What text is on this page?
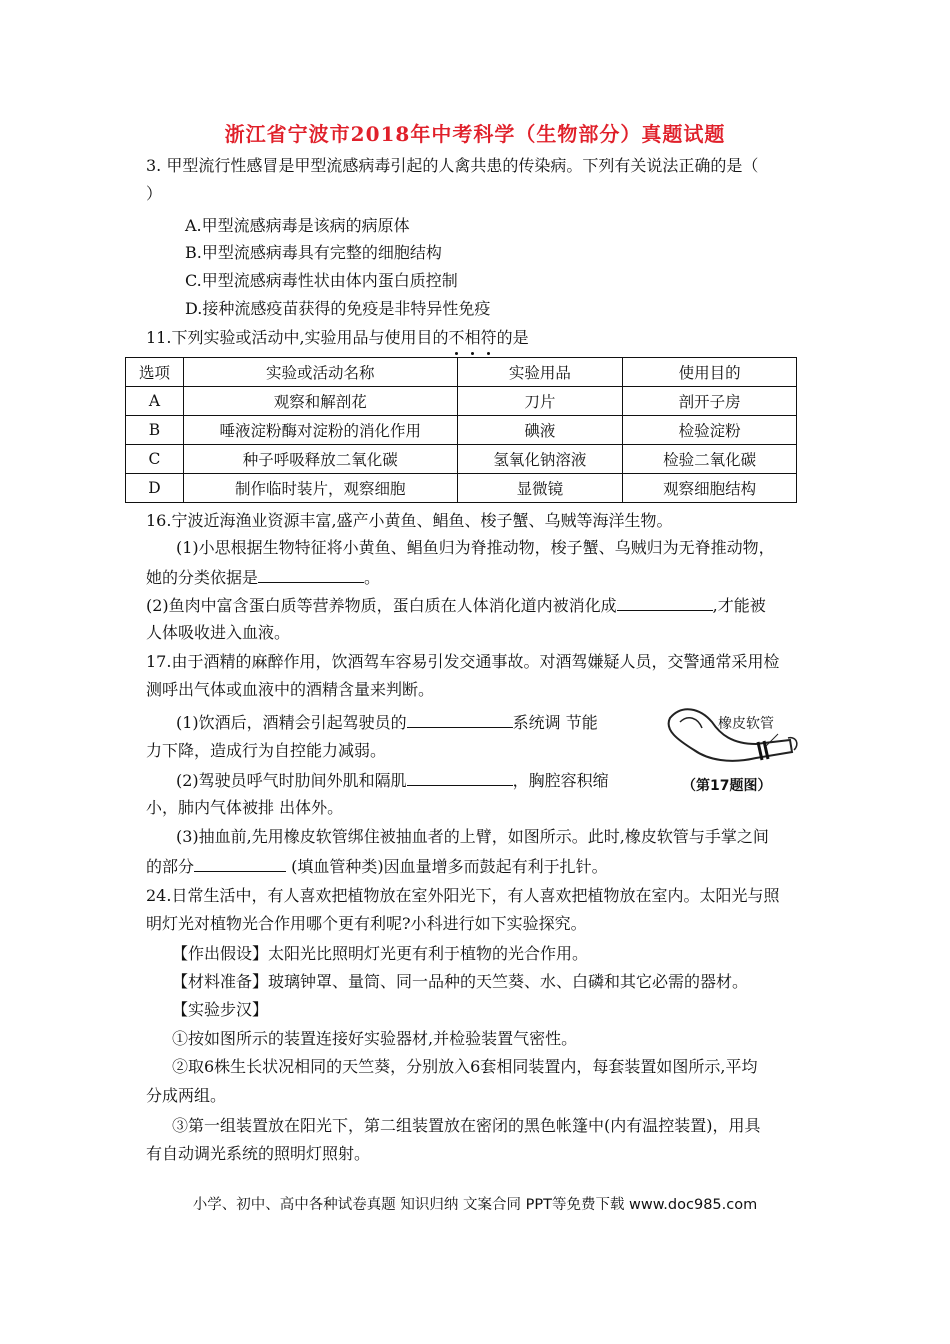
浙江省宁波市2018年中考科学（生物部分）真题试题
3. 甲型流行性感冒是甲型流感病毒引起的人禽共患的传染病。下列有关说法正确的是（
）
A.甲型流感病毒是该病的病原体
B.甲型流感病毒具有完整的细胞结构
C.甲型流感病毒性状由体内蛋白质控制
D.接种流感疫苗获得的免疫是非特异性免疫
11.下列实验或活动中,实验用品与使用目的不相符的是
选项	实验或活动名称	实验用品	使用目的
A	观察和解剖花	刀片	剖开子房
B	唾液淀粉酶对淀粉的消化作用	碘液	检验淀粉
C	种子呼吸释放二氧化碳	氢氧化钠溶液	检验二氧化碳
D	制作临时装片，观察细胞	显微镜	观察细胞结构
16.宁波近海渔业资源丰富,盛产小黄鱼、鲳鱼、梭子蟹、乌贼等海洋生物。
(1)小思根据生物特征将小黄鱼、鲳鱼归为脊推动物，梭子蟹、乌贼归为无脊推动物，
她的分类依据是	。
(2)鱼肉中富含蛋白质等营养物质，蛋白质在人体消化道内被消化成	,才能被
人体吸收进入血液。
17.由于酒精的麻醉作用，饮酒驾车容易引发交通事故。对酒驾嫌疑人员，交警通常采用检
测呼出气体或血液中的酒精含量来判断。
(1)饮酒后，酒精会引起驾驶员的	系统调 节能
力下降，造成行为自控能力减弱。
(2)驾驶员呼气时肋间外肌和隔肌	，胸腔容积缩
小，肺内气体被排 出体外。
(3)抽血前,先用橡皮软管绑住被抽血者的上臂，如图所示。此时,橡皮软管与手掌之间
的部分	(填血管种类)因血量增多而鼓起有利于扎针。
橡皮软管
（第17题图）
24.日常生活中，有人喜欢把植物放在室外阳光下，有人喜欢把植物放在室内。太阳光与照
明灯光对植物光合作用哪个更有利呢?小科进行如下实验探究。
【作出假设】太阳光比照明灯光更有利于植物的光合作用。
【材料准备】玻璃钟罩、量筒、同一品种的天竺葵、水、白磷和其它必需的器材。
【实验步汉】
①按如图所示的装置连接好实验器材,并检验装置气密性。
②取6株生长状况相同的天竺葵，分别放入6套相同装置内，每套装置如图所示,平均
分成两组。
③第一组装置放在阳光下，第二组装置放在密闭的黑色帐篷中(内有温控装置)，用具
有自动调光系统的照明灯照射。
小学、初中、高中各种试卷真题 知识归纳 文案合同 PPT等免费下载 www.doc985.com
